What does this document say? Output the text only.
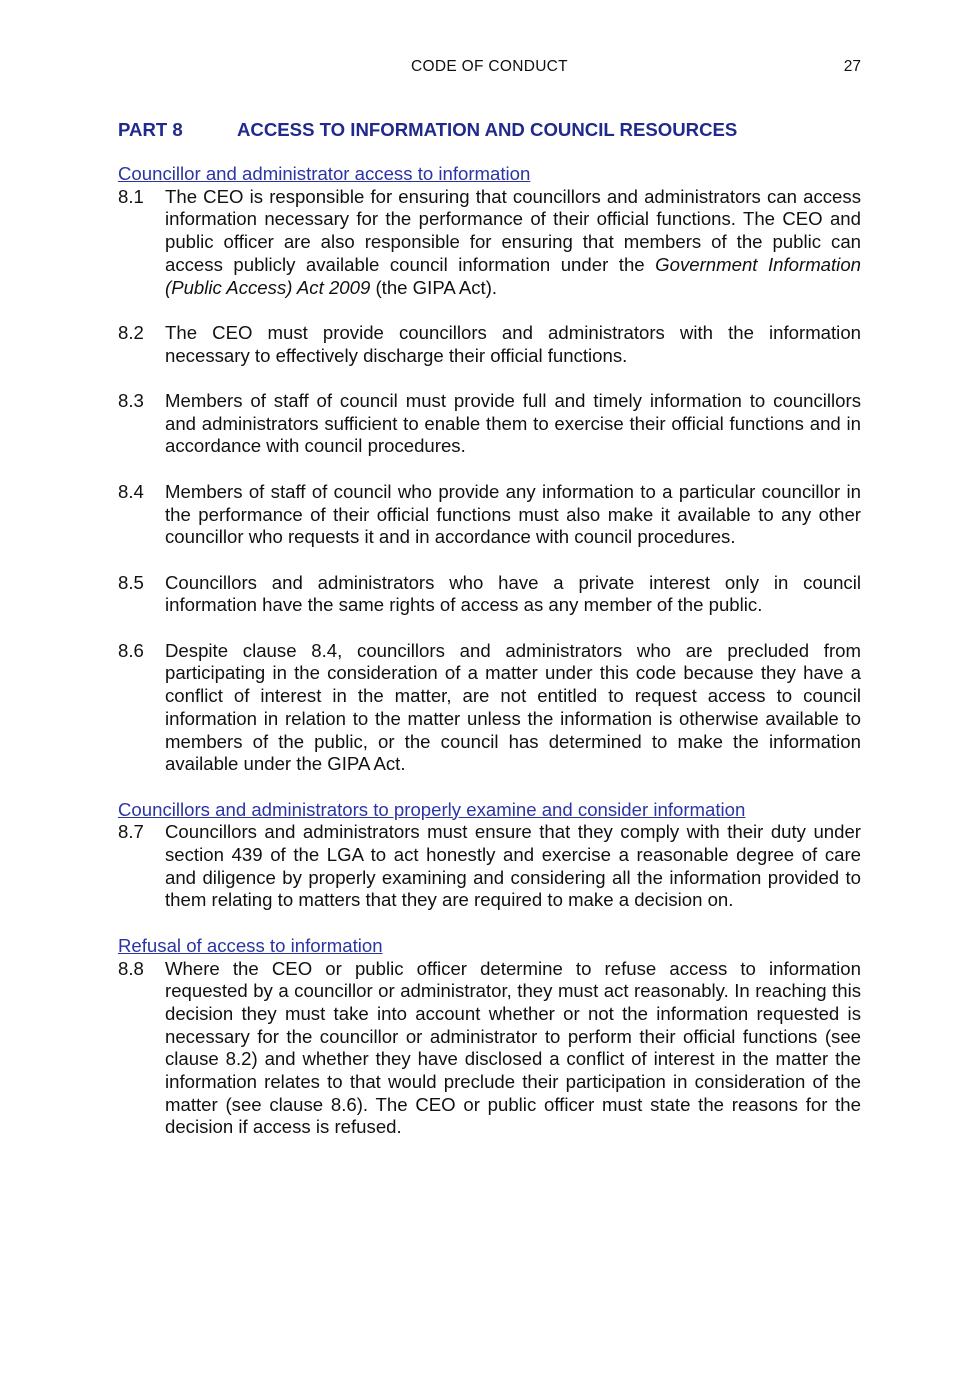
CODE OF CONDUCT	27
PART 8	ACCESS TO INFORMATION AND COUNCIL RESOURCES

Councillor and administrator access to information

8.1	The CEO is responsible for ensuring that councillors and administrators can access information necessary for the performance of their official functions. The CEO and public officer are also responsible for ensuring that members of the public can access publicly available council information under the Government Information (Public Access) Act 2009 (the GIPA Act).
8.2	The CEO must provide councillors and administrators with the information necessary to effectively discharge their official functions.
8.3	Members of staff of council must provide full and timely information to councillors and administrators sufficient to enable them to exercise their official functions and in accordance with council procedures.
8.4	Members of staff of council who provide any information to a particular councillor in the performance of their official functions must also make it available to any other councillor who requests it and in accordance with council procedures.
8.5	Councillors and administrators who have a private interest only in council information have the same rights of access as any member of the public.
8.6	Despite clause 8.4, councillors and administrators who are precluded from participating in the consideration of a matter under this code because they have a conflict of interest in the matter, are not entitled to request access to council information in relation to the matter unless the information is otherwise available to members of the public, or the council has determined to make the information available under the GIPA Act.

Councillors and administrators to properly examine and consider information

8.7	Councillors and administrators must ensure that they comply with their duty under section 439 of the LGA to act honestly and exercise a reasonable degree of care and diligence by properly examining and considering all the information provided to them relating to matters that they are required to make a decision on.

Refusal of access to information

8.8	Where the CEO or public officer determine to refuse access to information requested by a councillor or administrator, they must act reasonably. In reaching this decision they must take into account whether or not the information requested is necessary for the councillor or administrator to perform their official functions (see clause 8.2) and whether they have disclosed a conflict of interest in the matter the information relates to that would preclude their participation in consideration of the matter (see clause 8.6). The CEO or public officer must state the reasons for the decision if access is refused.
